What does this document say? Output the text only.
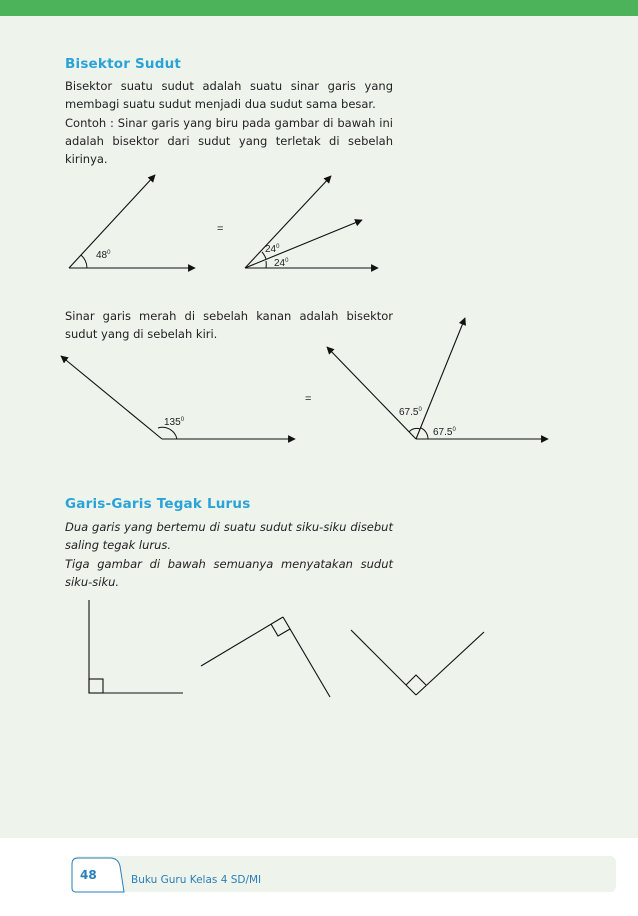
Bisektor Sudut

Bisektor suatu sudut adalah suatu sinar garis yang membagi suatu sudut menjadi dua sudut sama besar.

Contoh : Sinar garis yang biru pada gambar di bawah ini adalah bisektor dari sudut yang terletak di sebelah kirinya.

$48^0$
=
$24^0$
$24^0$

Sinar garis merah di sebelah kanan adalah bisektor sudut yang di sebelah kiri.

$135^0$
=
$67.5^0$
67.5$^0$
Garis-Garis Tegak Lurus

Dua garis yang bertemu di suatu sudut siku-siku disebut saling tegak lurus.

Tiga gambar di bawah semuanya menyatakan sudut siku-siku.

48	Buku Guru Kelas 4 SD/MI
